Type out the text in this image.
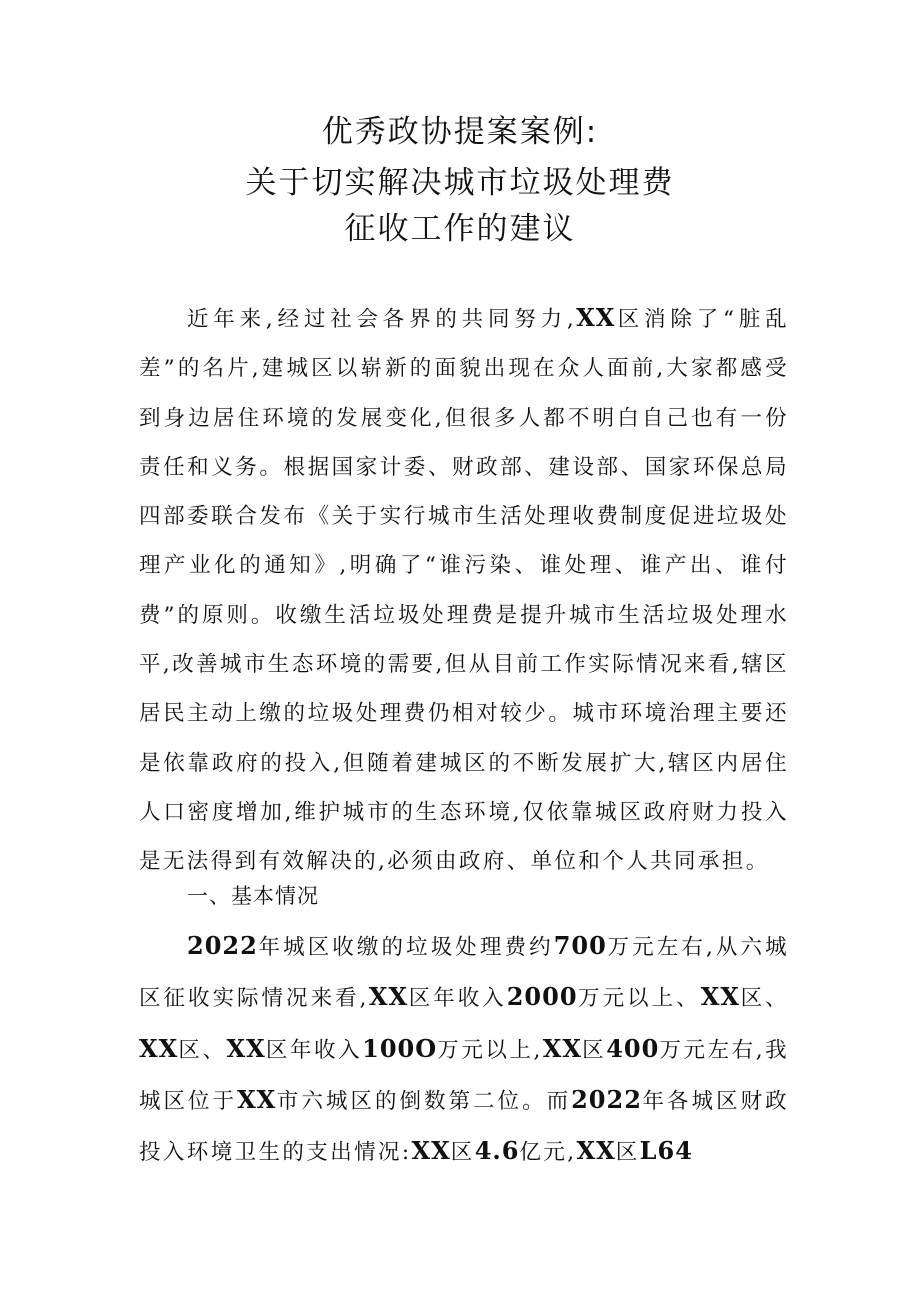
优秀政协提案案例:
关于切实解决城市垃圾处理费
征收工作的建议
近年来,经过社会各界的共同努力,XX区消除了“脏乱差”的名片,建城区以崭新的面貌出现在众人面前,大家都感受到身边居住环境的发展变化,但很多人都不明白自己也有一份责任和义务。根据国家计委、财政部、建设部、国家环保总局四部委联合发布《关于实行城市生活处理收费制度促进垃圾处理产业化的通知》,明确了“谁污染、谁处理、谁产出、谁付费”的原则。收缴生活垃圾处理费是提升城市生活垃圾处理水平,改善城市生态环境的需要,但从目前工作实际情况来看,辖区居民主动上缴的垃圾处理费仍相对较少。城市环境治理主要还是依靠政府的投入,但随着建城区的不断发展扩大,辖区内居住人口密度增加,维护城市的生态环境,仅依靠城区政府财力投入是无法得到有效解决的,必须由政府、单位和个人共同承担。
一、基本情况
2022年城区收缴的垃圾处理费约700万元左右,从六城区征收实际情况来看,XX区年收入2000万元以上、XX区、XX区、XX区年收入100O万元以上,XX区400万元左右,我城区位于XX市六城区的倒数第二位。而2022年各城区财政投入环境卫生的支出情况:XX区4.6亿元,XX区L64
